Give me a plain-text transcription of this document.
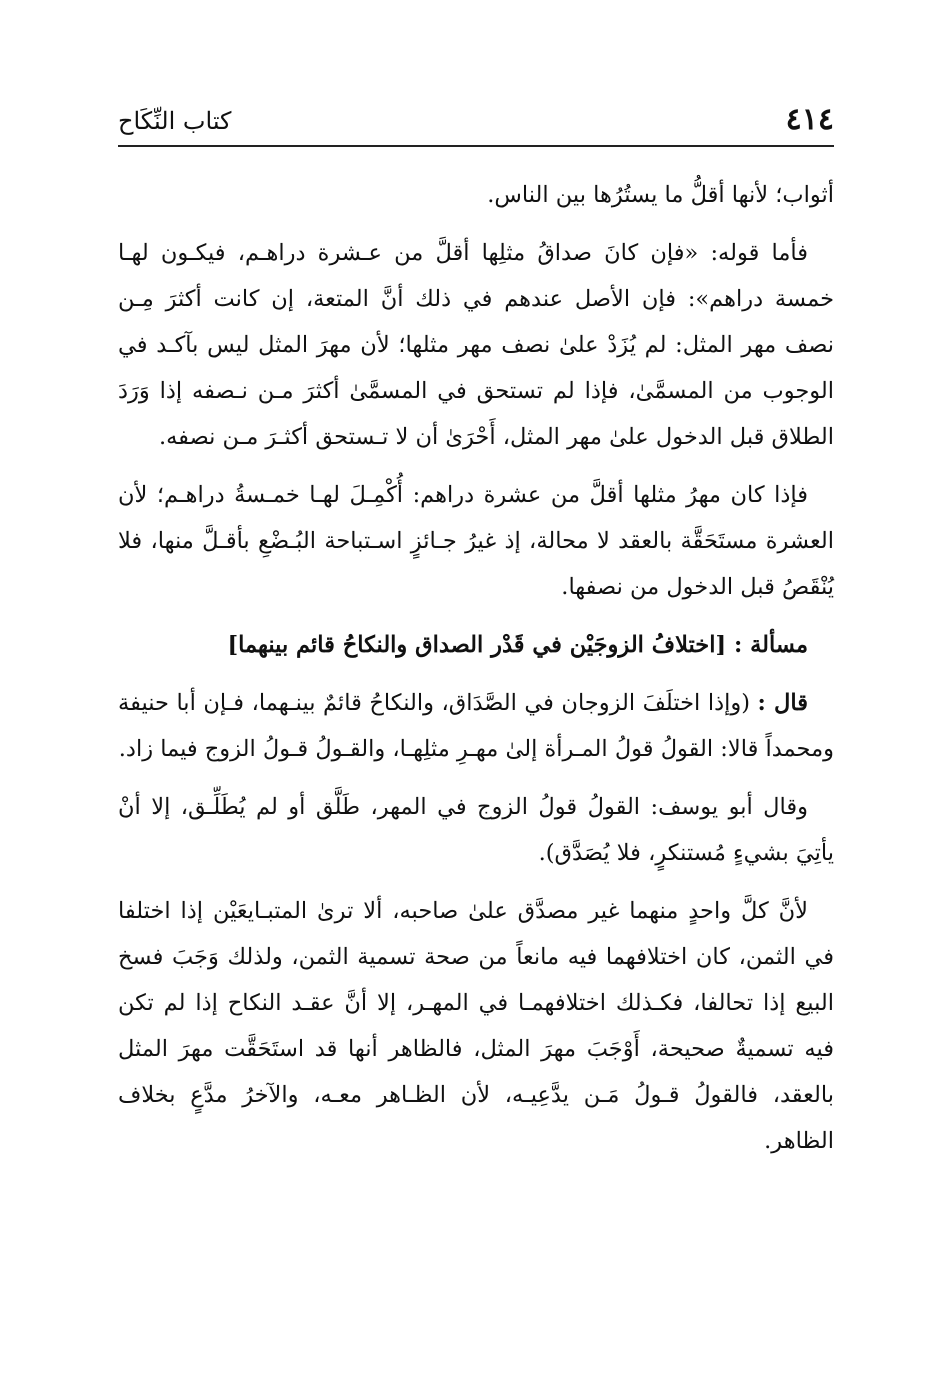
٤١٤
كتاب النِّكَاح

أثواب؛ لأنها أقلُّ ما يستُرُها بين الناس.

فأما قوله: «فإن كانَ صداقُ مثلِها أقلَّ من عـشرة دراهـم، فيكـون لهـا خمسة دراهم»: فإن الأصل عندهم في ذلك أنَّ المتعة، إن كانت أكثرَ مِـن نصف مهر المثل: لم يُزَدْ علىٰ نصف مهر مثلها؛ لأن مهرَ المثل ليس بآكـد في الوجوب من المسمَّىٰ، فإذا لم تستحق في المسمَّىٰ أكثرَ مـن نـصفه إذا وَرَدَ الطلاق قبل الدخول علىٰ مهر المثل، أَحْرَىٰ أن لا تـستحق أكثـرَ مـن نصفه.

فإذا كان مهرُ مثلها أقلَّ من عشرة دراهم: أُكْمِـلَ لهـا خمـسةُ دراهـم؛ لأن العشرة مستَحَقَّة بالعقد لا محالة، إذ غيرُ جـائزٍ اسـتباحة البُـضْعِ بأقـلَّ منها، فلا يُنْقَصُ قبل الدخول من نصفها.

مسألة : [اختلافُ الزوجَيْن في قَدْر الصداق والنكاحُ قائم بينهما]

قال : (وإذا اختلَفَ الزوجان في الصَّدَاق، والنكاحُ قائمٌ بينـهما، فـإن أبا حنيفة ومحمداً قالا: القولُ قولُ المـرأة إلىٰ مهـرِ مثلِهـا، والقـولُ قـولُ الزوج فيما زاد.

وقال أبو يوسف: القولُ قولُ الزوج في المهر، طَلَّق أو لم يُطَلِّـق، إلا أنْ يأتِيَ بشيءٍ مُستنكرٍ، فلا يُصَدَّق).

لأنَّ كلَّ واحدٍ منهما غير مصدَّق علىٰ صاحبه، ألا ترىٰ المتبـايعَيْن إذا اختلفا في الثمن، كان اختلافهما فيه مانعاً من صحة تسمية الثمن، ولذلك وَجَبَ فسخ البيع إذا تحالفا، فكـذلك اختلافهمـا في المهـر، إلا أنَّ عقـد النكاح إذا لم تكن فيه تسميةٌ صحيحة، أَوْجَبَ مهرَ المثل، فالظاهر أنها قد استَحَقَّت مهرَ المثل بالعقد، فالقولُ قـولُ مَـن يدَّعِيـه، لأن الظـاهر معـه، والآخرُ مدَّعٍ بخلاف الظاهر.
